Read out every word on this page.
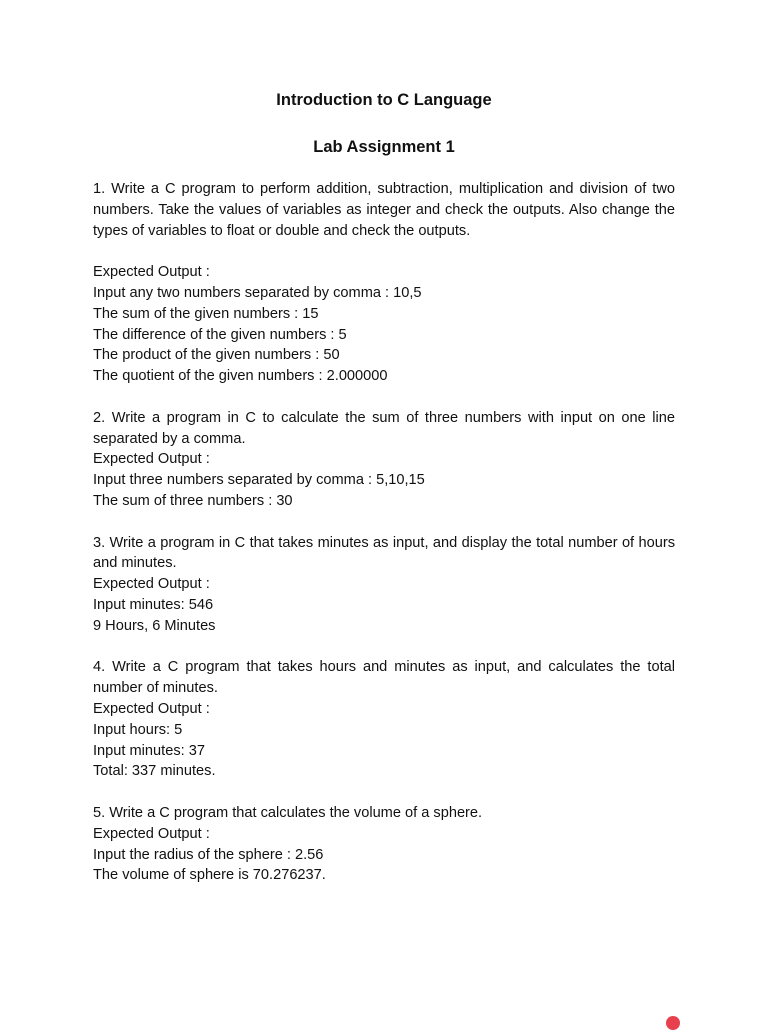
Introduction to C Language
Lab Assignment 1

1. Write a C program to perform addition, subtraction, multiplication and division of two numbers. Take the values of variables as integer and check the outputs. Also change the types of variables to float or double and check the outputs.

Expected Output :
Input any two numbers separated by comma : 10,5
The sum of the given numbers : 15
The difference of the given numbers : 5
The product of the given numbers : 50
The quotient of the given numbers : 2.000000

2. Write a program in C to calculate the sum of three numbers with input on one line separated by a comma.

Expected Output :
Input three numbers separated by comma : 5,10,15
The sum of three numbers : 30

3. Write a program in C that takes minutes as input, and display the total number of hours and minutes.

Expected Output :
Input minutes: 546
9 Hours, 6 Minutes

4. Write a C program that takes hours and minutes as input, and calculates the total number of minutes.

Expected Output :
Input hours: 5
Input minutes: 37
Total: 337 minutes.

5. Write a C program that calculates the volume of a sphere.

Expected Output :
Input the radius of the sphere : 2.56
The volume of sphere is 70.276237.
